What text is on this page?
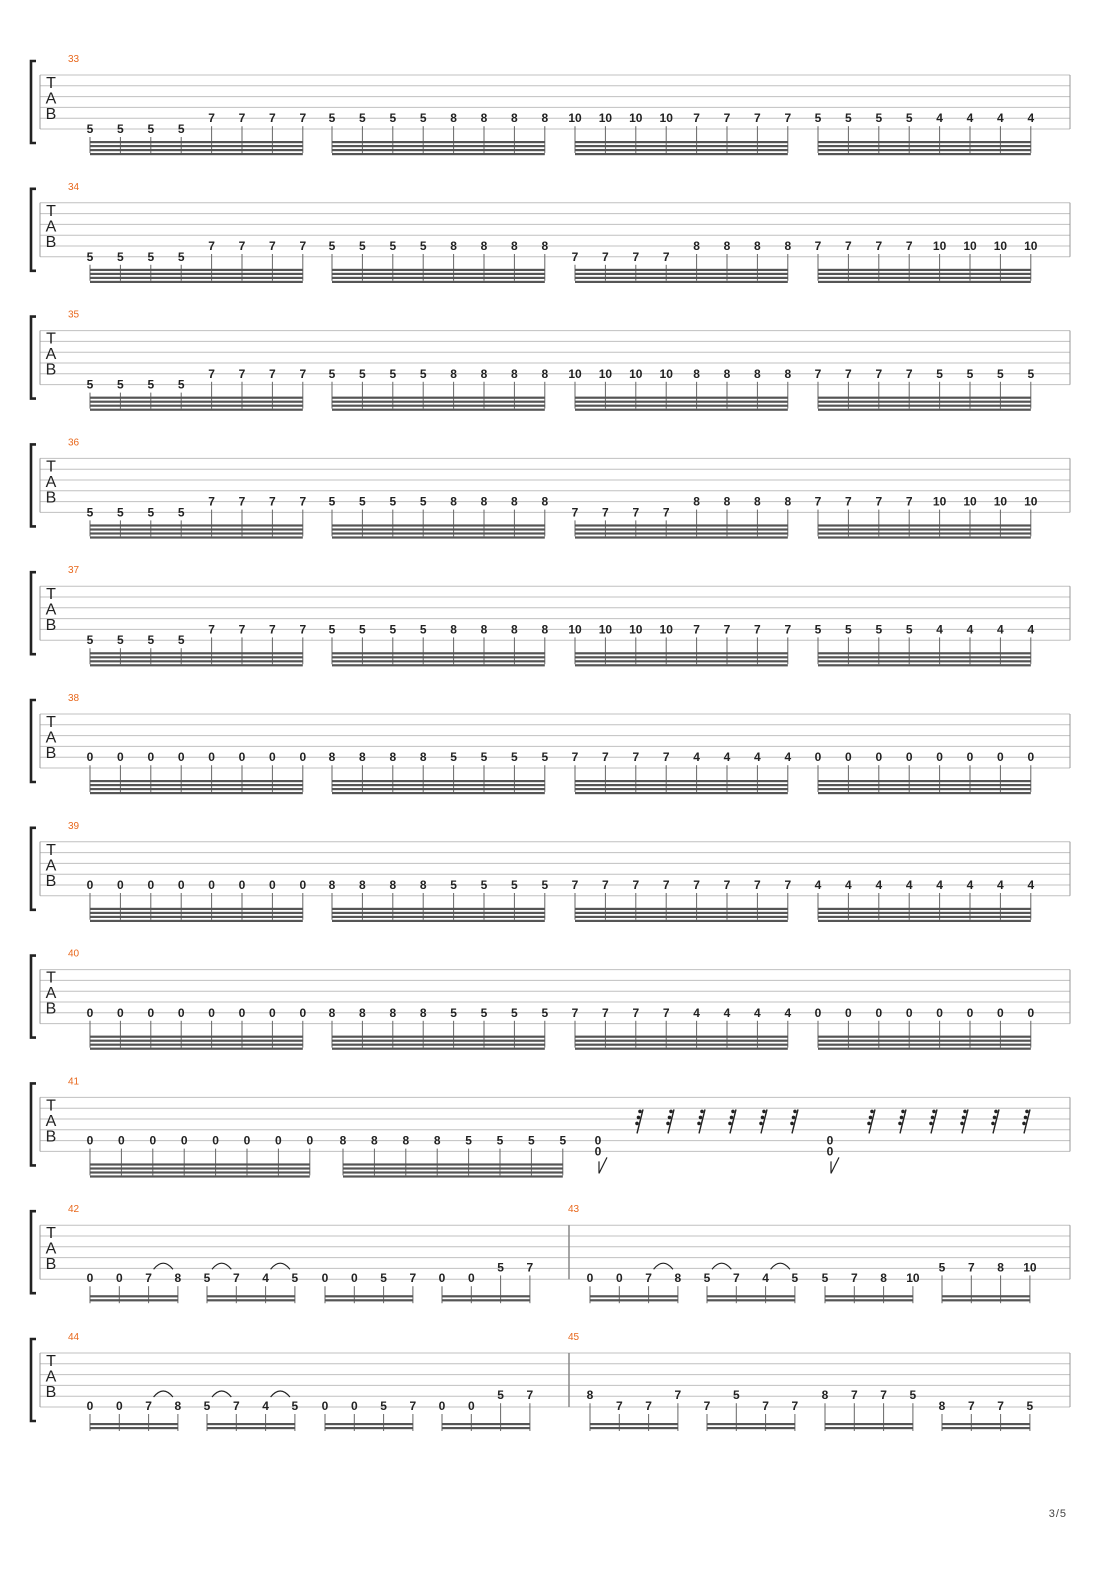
T
A
B
33
5 5 5 5
7 7 7 7 5 5 5 5 8 8 8 8 10 10 10 10 7 7 7 7 5 5 5 5 4 4 4 4
T
A
B
34
5 5 5 5
7 7 7 7 5 5 5 5 8 8 8 8
7 7 7 7
8 8 8 8 7 7 7 7 10 10 10 10
T
A
B
35
5 5 5 5
7 7 7 7 5 5 5 5 8 8 8 8 10 10 10 10 8 8 8 8 7 7 7 7 5 5 5 5
T
A
B
36
5 5 5 5
7 7 7 7 5 5 5 5 8 8 8 8
7 7 7 7
8 8 8 8 7 7 7 7 10 10 10 10
T
A
B
37
5 5 5 5
7 7 7 7 5 5 5 5 8 8 8 8 10 10 10 10 7 7 7 7 5 5 5 5 4 4 4 4
T
A
B
38
0 0 0 0 0 0 0 0 8 8 8 8 5 5 5 5 7 7 7 7 4 4 4 4 0 0 0 0 0 0 0 0
T
A
B
39
0 0 0 0 0 0 0 0 8 8 8 8 5 5 5 5 7 7 7 7 7 7 7 7 4 4 4 4 4 4 4 4
T
A
B
40
0 0 0 0 0 0 0 0 8 8 8 8 5 5 5 5 7 7 7 7 4 4 4 4 0 0 0 0 0 0 0 0
T
A
B
41
0 0 0 0 0 0 0 0 8 8 8 8 5 5 5 5 0
0
0
0
T
A
B
42
0 0 7 8 5 7 4 5 0 0 5 7 0 0
5 7
43
0 0 7 8 5 7 4 5 5 7 8 10
5 7 8 10
T
A
B
44
0 0 7 8 5 7 4 5 0 0 5 7 0 0
5 7
45
8
7 7
7
7
5
7 7
8 7 7 5
8 7 7 5
3/5
